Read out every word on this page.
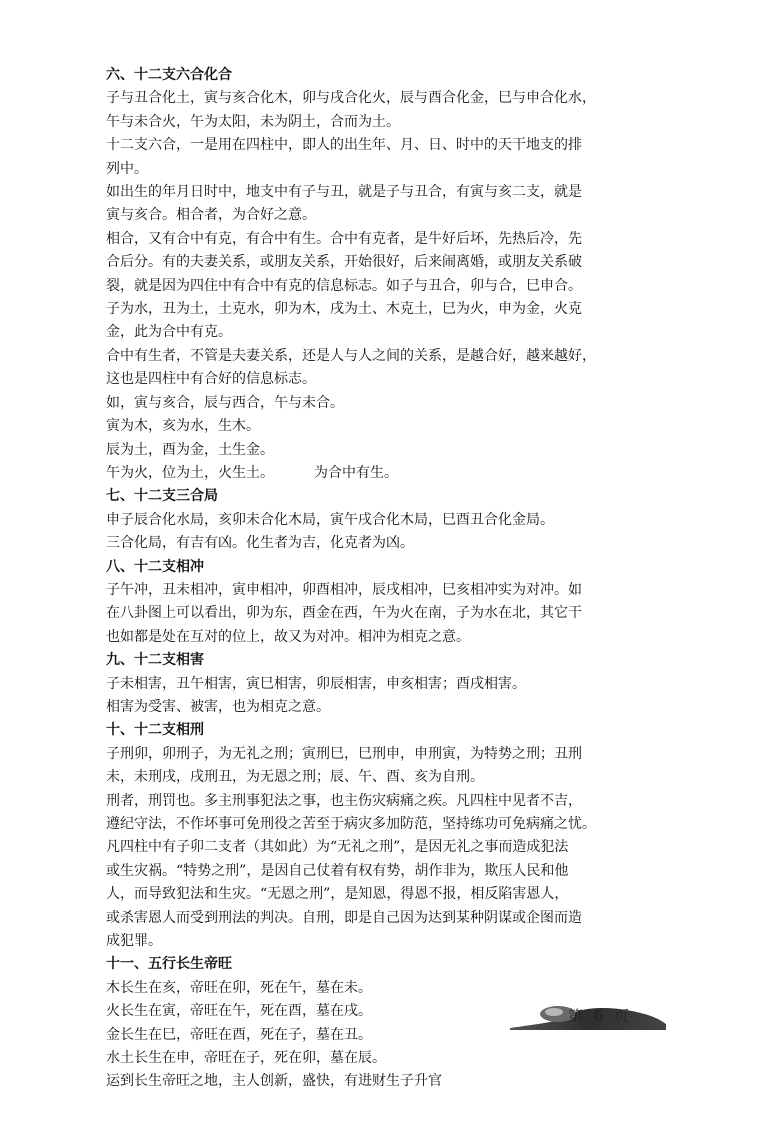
六、十二支六合化合
子与丑合化土，寅与亥合化木，卯与戌合化火，辰与酉合化金，巳与申合化水，
午与未合火，午为太阳，未为阴土，合而为土。
十二支六合，一是用在四柱中，即人的出生年、月、日、时中的天干地支的排
列中。
如出生的年月日时中，地支中有子与丑，就是子与丑合，有寅与亥二支，就是
寅与亥合。相合者，为合好之意。
相合，又有合中有克，有合中有生。合中有克者，是牛好后坏，先热后冷，先
合后分。有的夫妻关系，或朋友关系，开始很好，后来闹离婚，或朋友关系破
裂，就是因为四住中有合中有克的信息标志。如子与丑合，卯与合，巳申合。
子为水，丑为土，土克水，卯为木，戌为土、木克土，巳为火，申为金，火克
金，此为合中有克。
合中有生者，不管是夫妻关系，还是人与人之间的关系，是越合好，越来越好，
这也是四柱中有合好的信息标志。
如，寅与亥合，辰与西合，午与未合。
寅为木，亥为水，生木。
辰为土，酉为金，土生金。
午为火，位为土，火生土。	为合中有生。
七、十二支三合局
申子辰合化水局，亥卯未合化木局，寅午戌合化木局，巳酉丑合化金局。
三合化局，有吉有凶。化生者为吉，化克者为凶。
八、十二支相冲
子午冲，丑未相冲，寅申相冲，卯酉相冲，辰戌相冲，巳亥相冲实为对冲。如
在八卦图上可以看出，卯为东，酉金在西，午为火在南，子为水在北，其它干
也如都是处在互对的位上，故又为对冲。相冲为相克之意。
九、十二支相害
子未相害，丑午相害，寅巳相害，卯辰相害，申亥相害；酉戌相害。
相害为受害、被害，也为相克之意。
十、十二支相刑
子刑卯，卯刑子，为无礼之刑；寅刑巳，巳刑申，申刑寅，为特势之刑；丑刑
未，未刑戌，戌刑丑，为无恩之刑；辰、午、酉、亥为自刑。
刑者，刑罚也。多主刑事犯法之事，也主伤灾病痛之疾。凡四柱中见者不吉，
遵纪守法，不作坏事可免刑役之苦至于病灾多加防范，坚持练功可免病痛之忧。
凡四柱中有子卯二支者（其如此）为“无礼之刑”，是因无礼之事而造成犯法
或生灾祸。“特势之刑”，是因自己仗着有权有势，胡作非为，欺压人民和他
人，而导致犯法和生灾。“无恩之刑”，是知恩，得恩不报，相反陷害恩人，
或杀害恩人而受到刑法的判决。自刑，即是自己因为达到某种阴谋或企图而造
成犯罪。
十一、五行长生帝旺
木长生在亥，帝旺在卯，死在午，墓在未。
火长生在寅，帝旺在午，死在酉，墓在戌。
金长生在巳，帝旺在酉，死在子，墓在丑。
水土长生在申，帝旺在子，死在卯，墓在辰。
运到长生帝旺之地，主人创新，盛快，有进财生子升官
第 6 页
